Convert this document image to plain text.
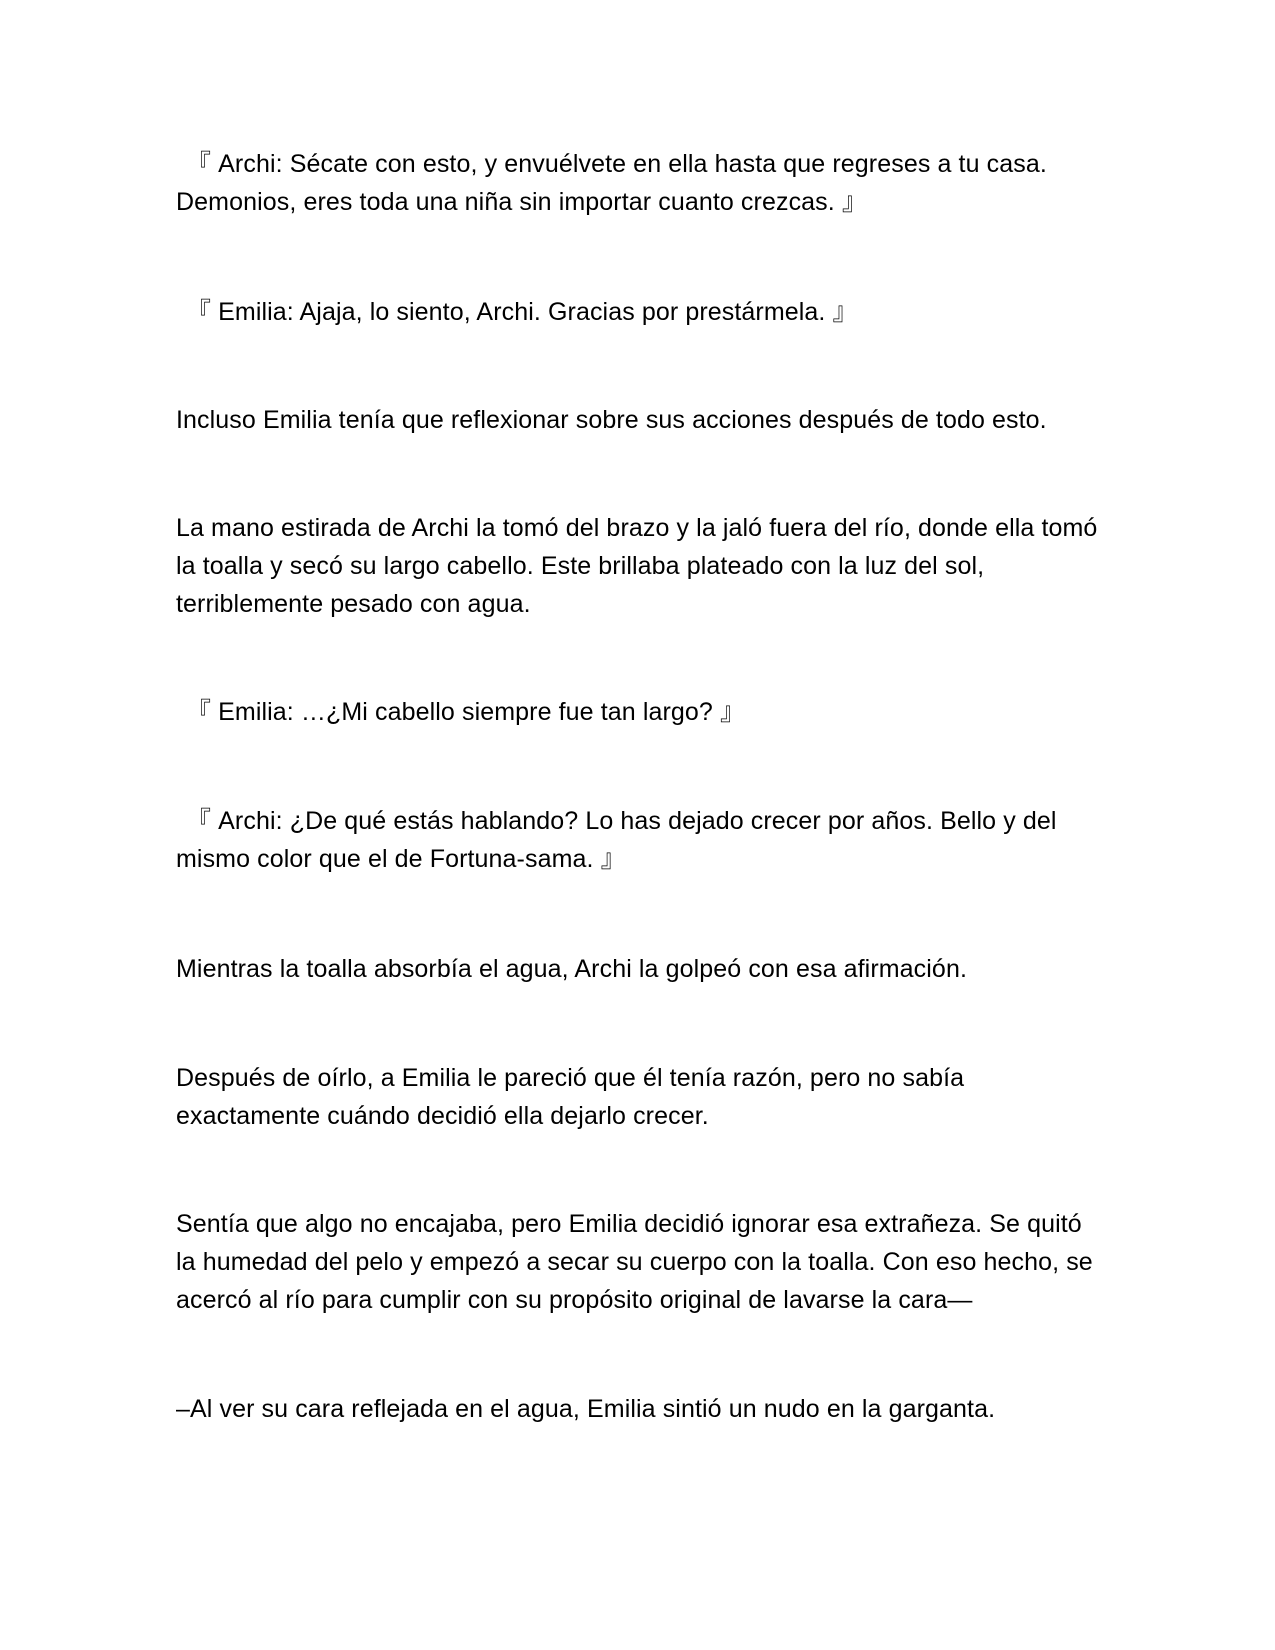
『 Archi: Sécate con esto, y envuélvete en ella hasta que regreses a tu casa. Demonios, eres toda una niña sin importar cuanto crezcas. 』

『 Emilia: Ajaja, lo siento, Archi. Gracias por prestármela. 』

Incluso Emilia tenía que reflexionar sobre sus acciones después de todo esto.

La mano estirada de Archi la tomó del brazo y la jaló fuera del río, donde ella tomó la toalla y secó su largo cabello. Este brillaba plateado con la luz del sol, terriblemente pesado con agua.

『 Emilia: …¿Mi cabello siempre fue tan largo? 』

『 Archi: ¿De qué estás hablando? Lo has dejado crecer por años. Bello y del mismo color que el de Fortuna-sama. 』

Mientras la toalla absorbía el agua, Archi la golpeó con esa afirmación.

Después de oírlo, a Emilia le pareció que él tenía razón, pero no sabía exactamente cuándo decidió ella dejarlo crecer.

Sentía que algo no encajaba, pero Emilia decidió ignorar esa extrañeza. Se quitó la humedad del pelo y empezó a secar su cuerpo con la toalla. Con eso hecho, se acercó al río para cumplir con su propósito original de lavarse la cara—

–Al ver su cara reflejada en el agua, Emilia sintió un nudo en la garganta.
